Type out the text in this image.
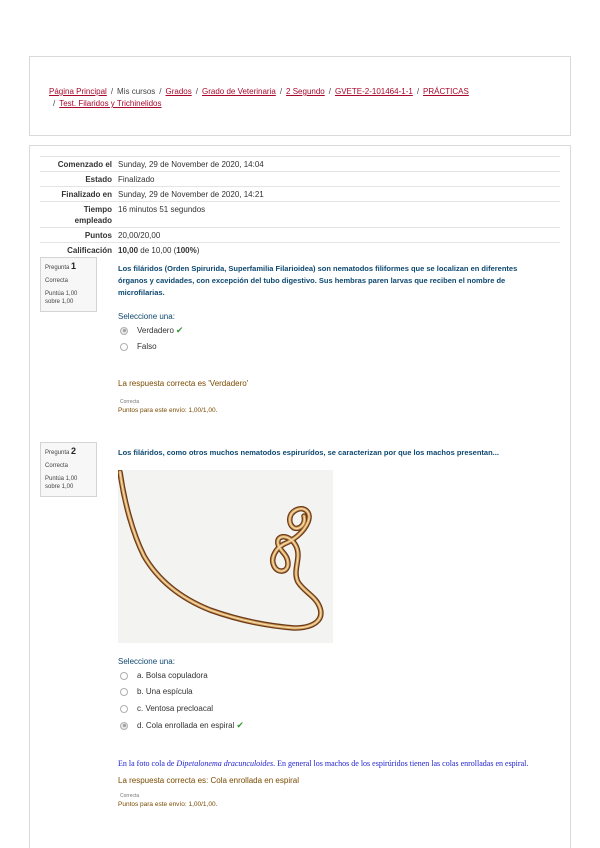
Página Principal / Mis cursos / Grados / Grado de Veterinaria / 2 Segundo / GVETE-2-101464-1-1 / PRÁCTICAS
/ Test. Filaridos y Trichinelidos
Comenzado el	Sunday, 29 de November de 2020, 14:04
Estado	Finalizado
Finalizado en	Sunday, 29 de November de 2020, 14:21
Tiempo
empleado	16 minutos 51 segundos
Puntos	20,00/20,00
Calificación	10,00 de 10,00 (100%)
Pregunta 1
Correcta
Puntúa 1,00
sobre 1,00
Los filáridos (Orden Spirurida, Superfamilia Filarioidea) son nematodos filiformes que se localizan en diferentes órganos y cavidades, con excepción del tubo digestivo. Sus hembras paren larvas que reciben el nombre de microfilarias.
Seleccione una:
Verdadero ✔
Falso
La respuesta correcta es 'Verdadero'
Correcta
Puntos para este envío: 1,00/1,00.
Pregunta 2
Correcta
Puntúa 1,00
sobre 1,00
Los filáridos, como otros muchos nematodos espirurídos, se caracterizan por que los machos presentan...
Seleccione una:
a. Bolsa copuladora
b. Una espícula
c. Ventosa precloacal
d. Cola enrollada en espiral ✔
En la foto cola de Dipetalonema dracunculoides. En general los machos de los espirúridos tienen las colas enrolladas en espiral.
La respuesta correcta es: Cola enrollada en espiral
Correcta
Puntos para este envío: 1,00/1,00.
